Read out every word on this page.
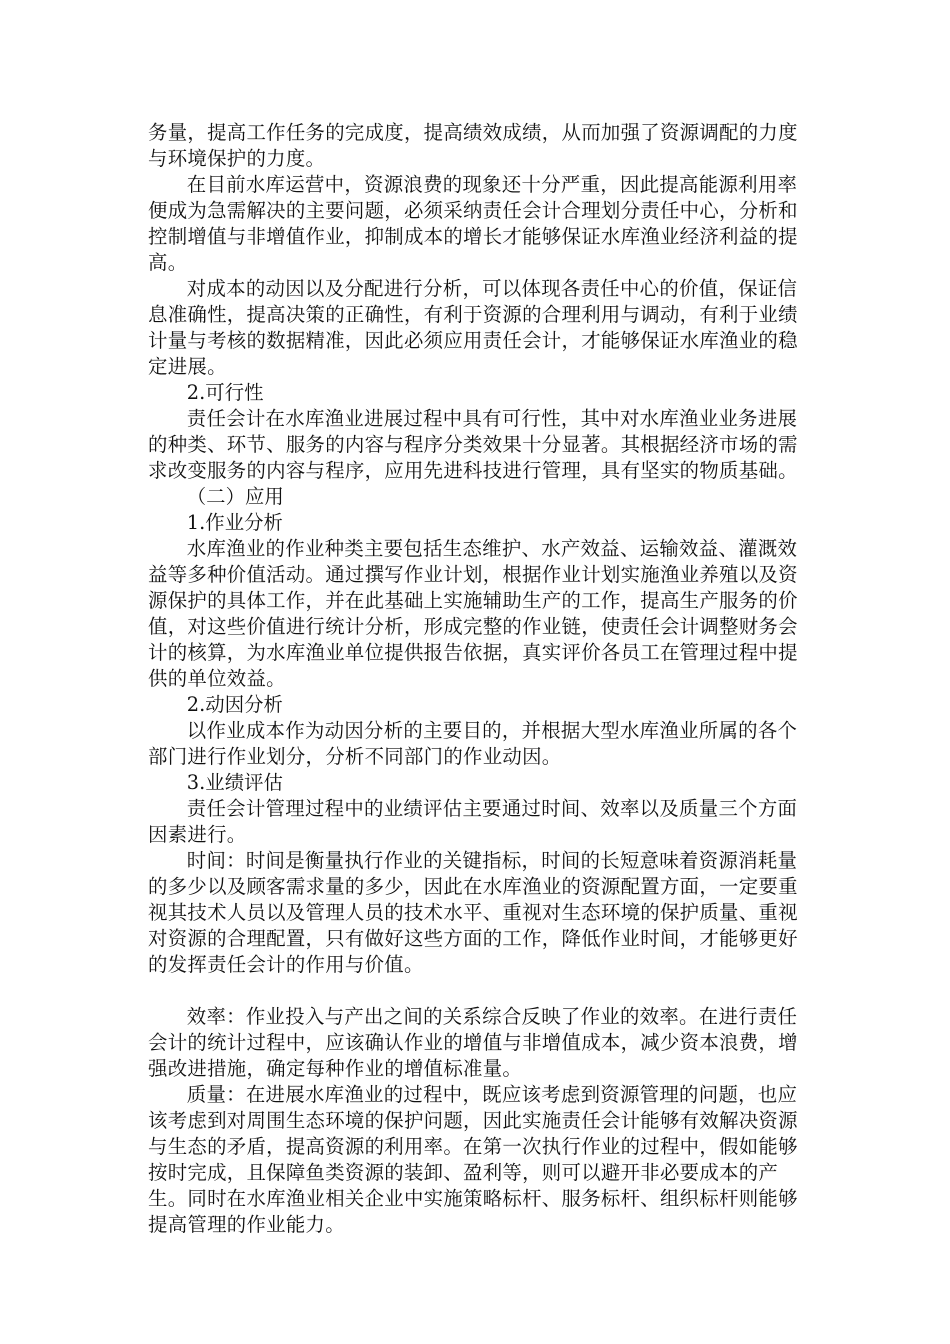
务量，提高工作任务的完成度，提高绩效成绩，从而加强了资源调配的力度与环境保护的力度。

在目前水库运营中，资源浪费的现象还十分严重，因此提高能源利用率便成为急需解决的主要问题，必须采纳责任会计合理划分责任中心，分析和控制增值与非增值作业，抑制成本的增长才能够保证水库渔业经济利益的提高。

对成本的动因以及分配进行分析，可以体现各责任中心的价值，保证信息准确性，提高决策的正确性，有利于资源的合理利用与调动，有利于业绩计量与考核的数据精准，因此必须应用责任会计，才能够保证水库渔业的稳定进展。

2.可行性

责任会计在水库渔业进展过程中具有可行性，其中对水库渔业业务进展的种类、环节、服务的内容与程序分类效果十分显著。其根据经济市场的需求改变服务的内容与程序，应用先进科技进行管理，具有坚实的物质基础。

（二）应用

1.作业分析

水库渔业的作业种类主要包括生态维护、水产效益、运输效益、灌溉效益等多种价值活动。通过撰写作业计划，根据作业计划实施渔业养殖以及资源保护的具体工作，并在此基础上实施辅助生产的工作，提高生产服务的价值，对这些价值进行统计分析，形成完整的作业链，使责任会计调整财务会计的核算，为水库渔业单位提供报告依据，真实评价各员工在管理过程中提供的单位效益。

2.动因分析

以作业成本作为动因分析的主要目的，并根据大型水库渔业所属的各个部门进行作业划分，分析不同部门的作业动因。

3.业绩评估

责任会计管理过程中的业绩评估主要通过时间、效率以及质量三个方面因素进行。

时间：时间是衡量执行作业的关键指标，时间的长短意味着资源消耗量的多少以及顾客需求量的多少，因此在水库渔业的资源配置方面，一定要重视其技术人员以及管理人员的技术水平、重视对生态环境的保护质量、重视对资源的合理配置，只有做好这些方面的工作，降低作业时间，才能够更好的发挥责任会计的作用与价值。

效率：作业投入与产出之间的关系综合反映了作业的效率。在进行责任会计的统计过程中，应该确认作业的增值与非增值成本，减少资本浪费，增强改进措施，确定每种作业的增值标准量。

质量：在进展水库渔业的过程中，既应该考虑到资源管理的问题，也应该考虑到对周围生态环境的保护问题，因此实施责任会计能够有效解决资源与生态的矛盾，提高资源的利用率。在第一次执行作业的过程中，假如能够按时完成，且保障鱼类资源的装卸、盈利等，则可以避开非必要成本的产生。同时在水库渔业相关企业中实施策略标杆、服务标杆、组织标杆则能够提高管理的作业能力。
